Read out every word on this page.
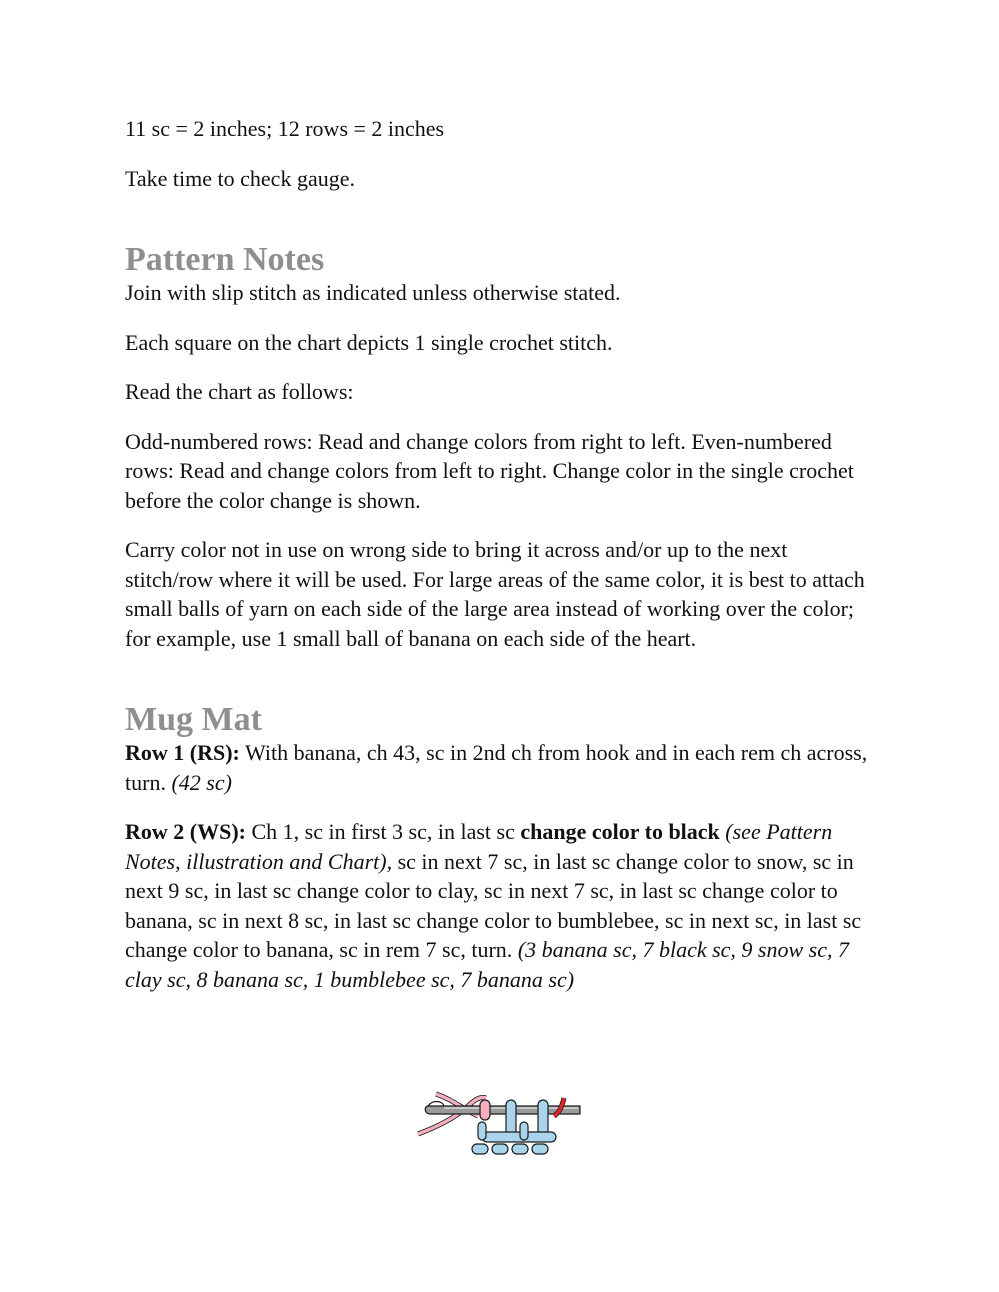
11 sc = 2 inches; 12 rows = 2 inches

Take time to check gauge.

Pattern Notes

Join with slip stitch as indicated unless otherwise stated.

Each square on the chart depicts 1 single crochet stitch.

Read the chart as follows:

Odd-numbered rows: Read and change colors from right to left. Even-numbered rows: Read and change colors from left to right. Change color in the single crochet before the color change is shown.

Carry color not in use on wrong side to bring it across and/or up to the next stitch/row where it will be used. For large areas of the same color, it is best to attach small balls of yarn on each side of the large area instead of working over the color; for example, use 1 small ball of banana on each side of the heart.

Mug Mat

Row 1 (RS): With banana, ch 43, sc in 2nd ch from hook and in each rem ch across, turn. (42 sc)

Row 2 (WS): Ch 1, sc in first 3 sc, in last sc change color to black (see Pattern Notes, illustration and Chart), sc in next 7 sc, in last sc change color to snow, sc in next 9 sc, in last sc change color to clay, sc in next 7 sc, in last sc change color to banana, sc in next 8 sc, in last sc change color to bumblebee, sc in next sc, in last sc change color to banana, sc in rem 7 sc, turn. (3 banana sc, 7 black sc, 9 snow sc, 7 clay sc, 8 banana sc, 1 bumblebee sc, 7 banana sc)
